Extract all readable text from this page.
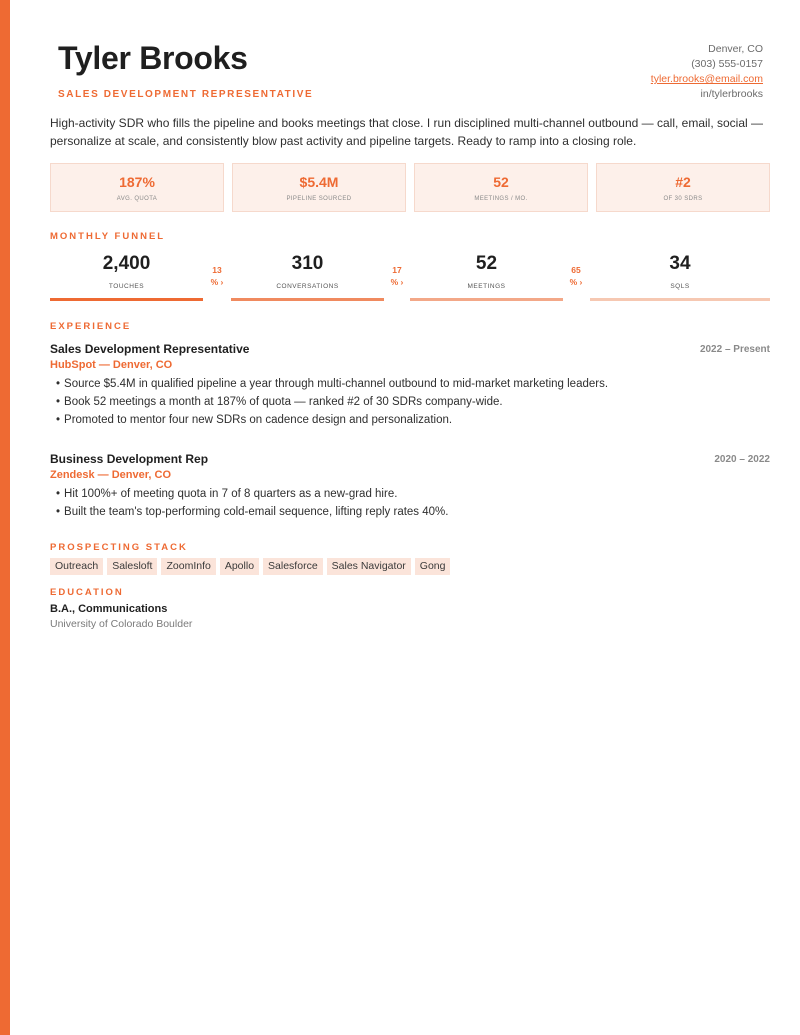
Tyler Brooks
SALES DEVELOPMENT REPRESENTATIVE
Denver, CO
(303) 555-0157
tyler.brooks@email.com
in/tylerbrooks

High-activity SDR who fills the pipeline and books meetings that close. I run disciplined multi-channel outbound — call, email, social — personalize at scale, and consistently blow past activity and pipeline targets. Ready to ramp into a closing role.

187%
AVG. QUOTA
$5.4M
PIPELINE SOURCED
52
MEETINGS / MO.
#2
OF 30 SDRS
MONTHLY FUNNEL
2,400
TOUCHES
13
% ›
310
CONVERSATIONS
17
% ›
52
MEETINGS
65
% ›
34
SQLS
EXPERIENCE
Sales Development Representative	2022 – Present
HubSpot — Denver, CO
• Source $5.4M in qualified pipeline a year through multi-channel outbound to mid-market marketing leaders.
• Book 52 meetings a month at 187% of quota — ranked #2 of 30 SDRs company-wide.
• Promoted to mentor four new SDRs on cadence design and personalization.
Business Development Rep	2020 – 2022
Zendesk — Denver, CO
• Hit 100%+ of meeting quota in 7 of 8 quarters as a new-grad hire.
• Built the team's top-performing cold-email sequence, lifting reply rates 40%.
PROSPECTING STACK
Outreach	Salesloft	ZoomInfo	Apollo	Salesforce	Sales Navigator	Gong
EDUCATION
B.A., Communications
University of Colorado Boulder
